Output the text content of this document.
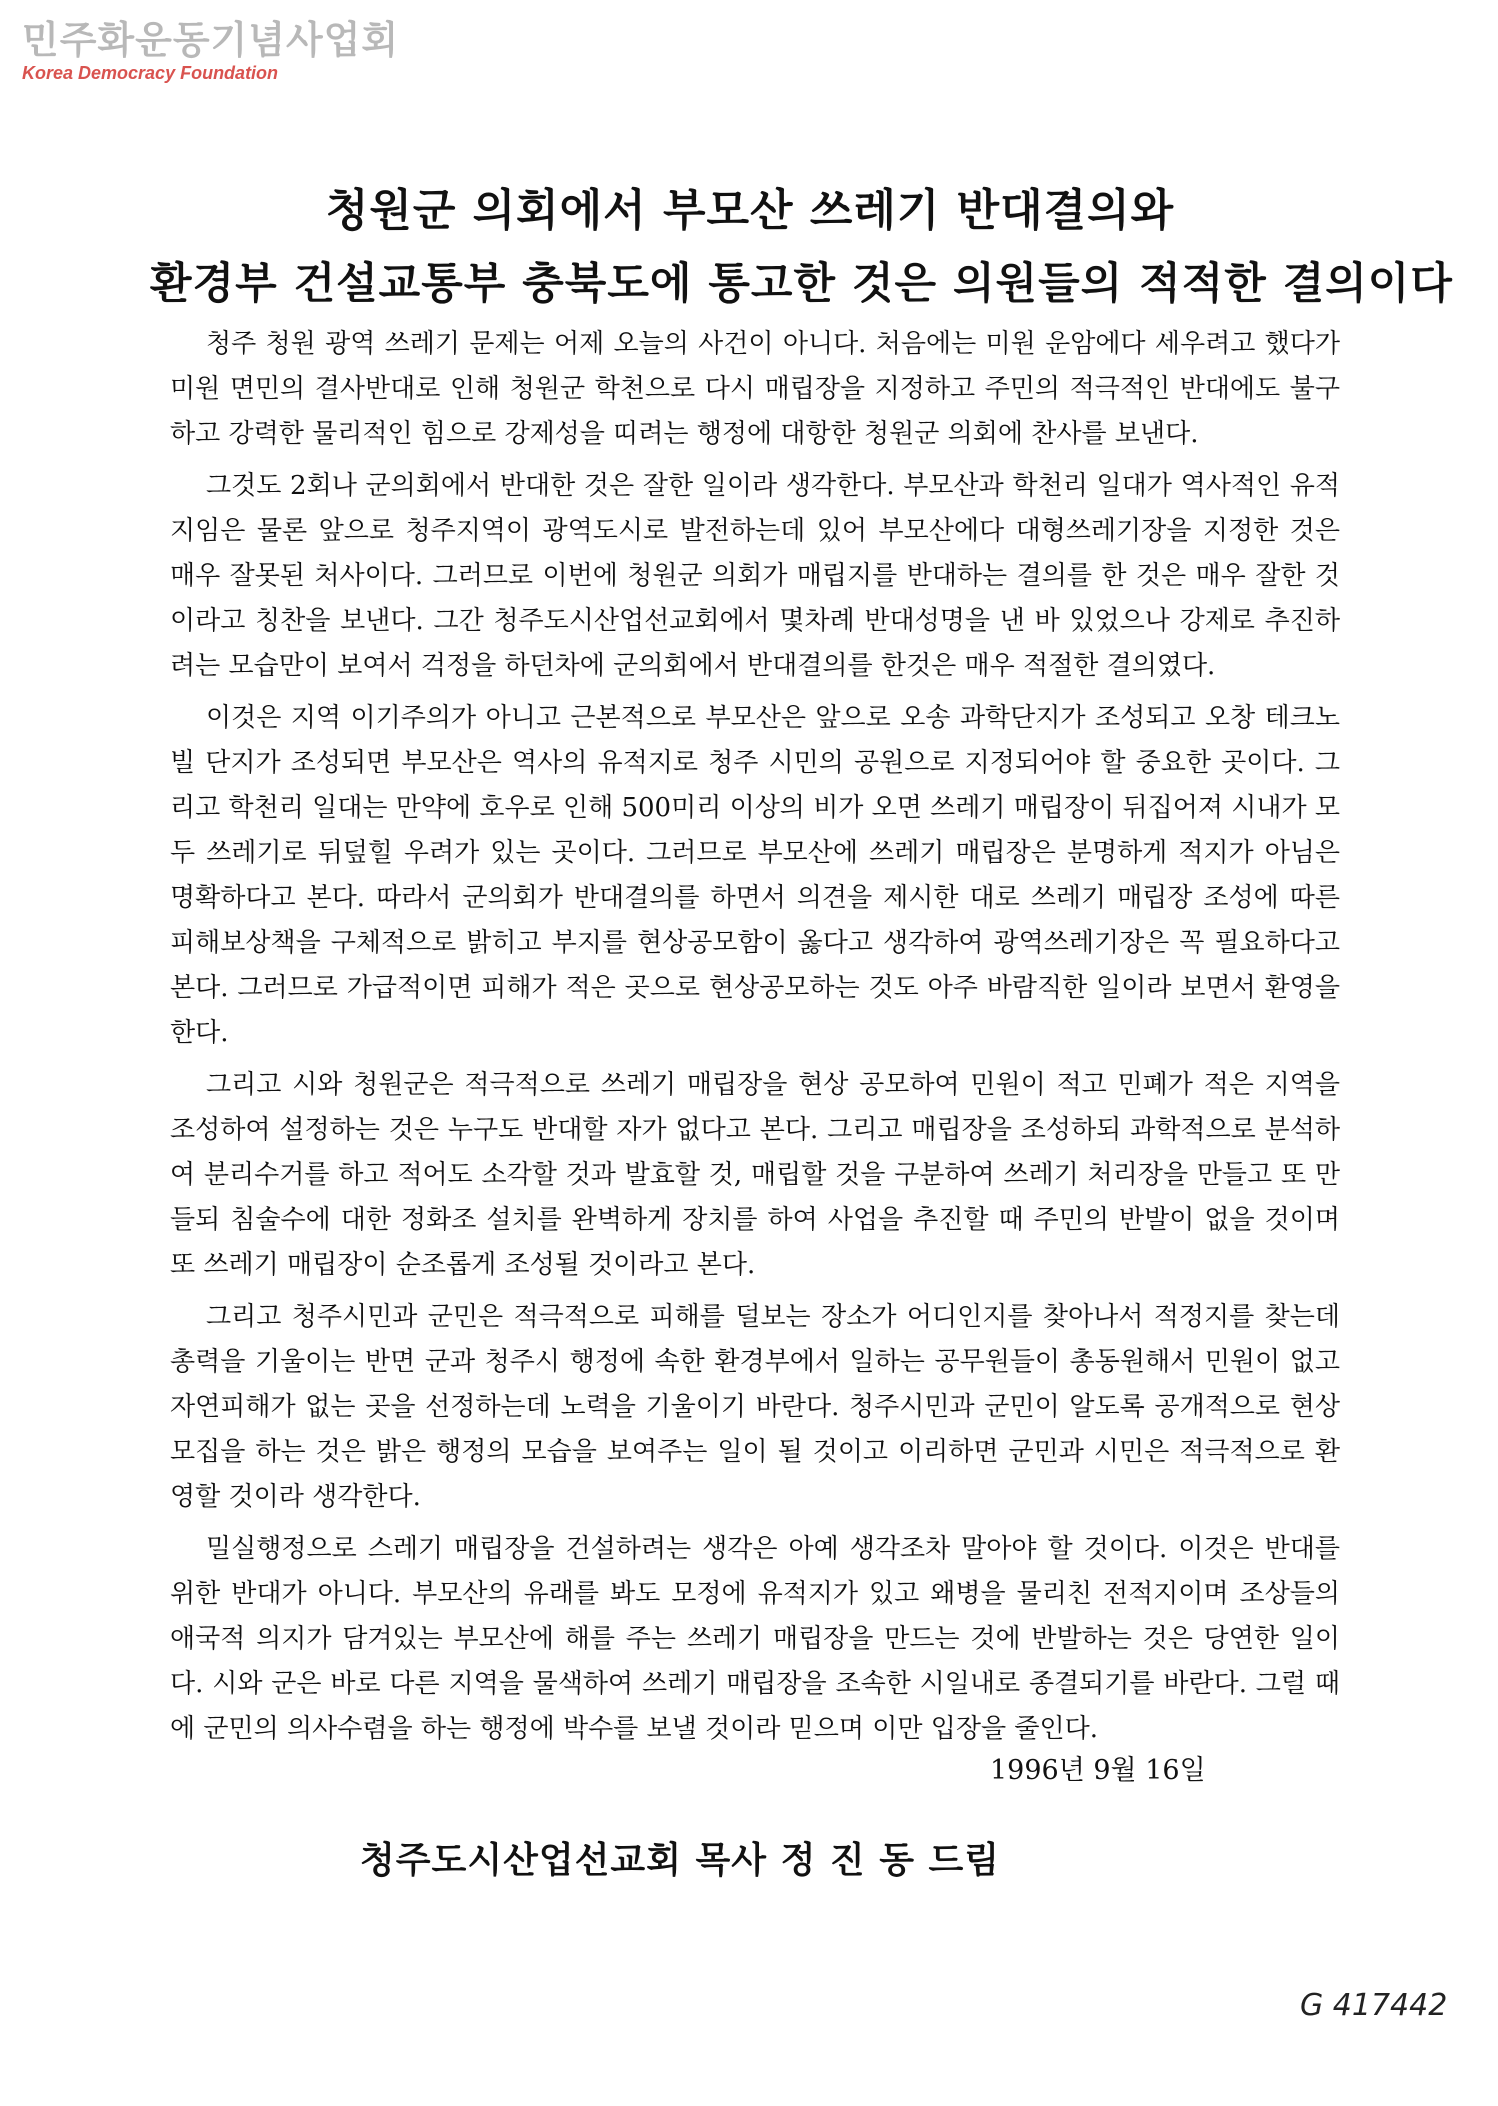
민주화운동기념사업회
Korea Democracy Foundation
청원군 의회에서 부모산 쓰레기 반대결의와
환경부 건설교통부 충북도에 통고한 것은 의원들의 적적한 결의이다

청주 청원 광역 쓰레기 문제는 어제 오늘의 사건이 아니다. 처음에는 미원 운암에다 세우려고 했다가 미원 면민의 결사반대로 인해 청원군 학천으로 다시 매립장을 지정하고 주민의 적극적인 반대에도 불구하고 강력한 물리적인 힘으로 강제성을 띠려는 행정에 대항한 청원군 의회에 찬사를 보낸다.

그것도 2회나 군의회에서 반대한 것은 잘한 일이라 생각한다. 부모산과 학천리 일대가 역사적인 유적지임은 물론 앞으로 청주지역이 광역도시로 발전하는데 있어 부모산에다 대형쓰레기장을 지정한 것은 매우 잘못된 처사이다. 그러므로 이번에 청원군 의회가 매립지를 반대하는 결의를 한 것은 매우 잘한 것이라고 칭찬을 보낸다. 그간 청주도시산업선교회에서 몇차례 반대성명을 낸 바 있었으나 강제로 추진하려는 모습만이 보여서 걱정을 하던차에 군의회에서 반대결의를 한것은 매우 적절한 결의였다.

이것은 지역 이기주의가 아니고 근본적으로 부모산은 앞으로 오송 과학단지가 조성되고 오창 테크노빌 단지가 조성되면 부모산은 역사의 유적지로 청주 시민의 공원으로 지정되어야 할 중요한 곳이다. 그리고 학천리 일대는 만약에 호우로 인해 500미리 이상의 비가 오면 쓰레기 매립장이 뒤집어져 시내가 모두 쓰레기로 뒤덮힐 우려가 있는 곳이다. 그러므로 부모산에 쓰레기 매립장은 분명하게 적지가 아님은 명확하다고 본다. 따라서 군의회가 반대결의를 하면서 의견을 제시한 대로 쓰레기 매립장 조성에 따른 피해보상책을 구체적으로 밝히고 부지를 현상공모함이 옳다고 생각하여 광역쓰레기장은 꼭 필요하다고 본다. 그러므로 가급적이면 피해가 적은 곳으로 현상공모하는 것도 아주 바람직한 일이라 보면서 환영을 한다.

그리고 시와 청원군은 적극적으로 쓰레기 매립장을 현상 공모하여 민원이 적고 민폐가 적은 지역을 조성하여 설정하는 것은 누구도 반대할 자가 없다고 본다. 그리고 매립장을 조성하되 과학적으로 분석하여 분리수거를 하고 적어도 소각할 것과 발효할 것, 매립할 것을 구분하여 쓰레기 처리장을 만들고 또 만들되 침술수에 대한 정화조 설치를 완벽하게 장치를 하여 사업을 추진할 때 주민의 반발이 없을 것이며 또 쓰레기 매립장이 순조롭게 조성될 것이라고 본다.

그리고 청주시민과 군민은 적극적으로 피해를 덜보는 장소가 어디인지를 찾아나서 적정지를 찾는데 총력을 기울이는 반면 군과 청주시 행정에 속한 환경부에서 일하는 공무원들이 총동원해서 민원이 없고 자연피해가 없는 곳을 선정하는데 노력을 기울이기 바란다. 청주시민과 군민이 알도록 공개적으로 현상모집을 하는 것은 밝은 행정의 모습을 보여주는 일이 될 것이고 이리하면 군민과 시민은 적극적으로 환영할 것이라 생각한다.

밀실행정으로 스레기 매립장을 건설하려는 생각은 아예 생각조차 말아야 할 것이다. 이것은 반대를 위한 반대가 아니다. 부모산의 유래를 봐도 모정에 유적지가 있고 왜병을 물리친 전적지이며 조상들의 애국적 의지가 담겨있는 부모산에 해를 주는 쓰레기 매립장을 만드는 것에 반발하는 것은 당연한 일이다. 시와 군은 바로 다른 지역을 물색하여 쓰레기 매립장을 조속한 시일내로 종결되기를 바란다. 그럴 때에 군민의 의사수렴을 하는 행정에 박수를 보낼 것이라 믿으며 이만 입장을 줄인다.

1996년 9월 16일
청주도시산업선교회 목사 정 진 동 드림
G 417442
